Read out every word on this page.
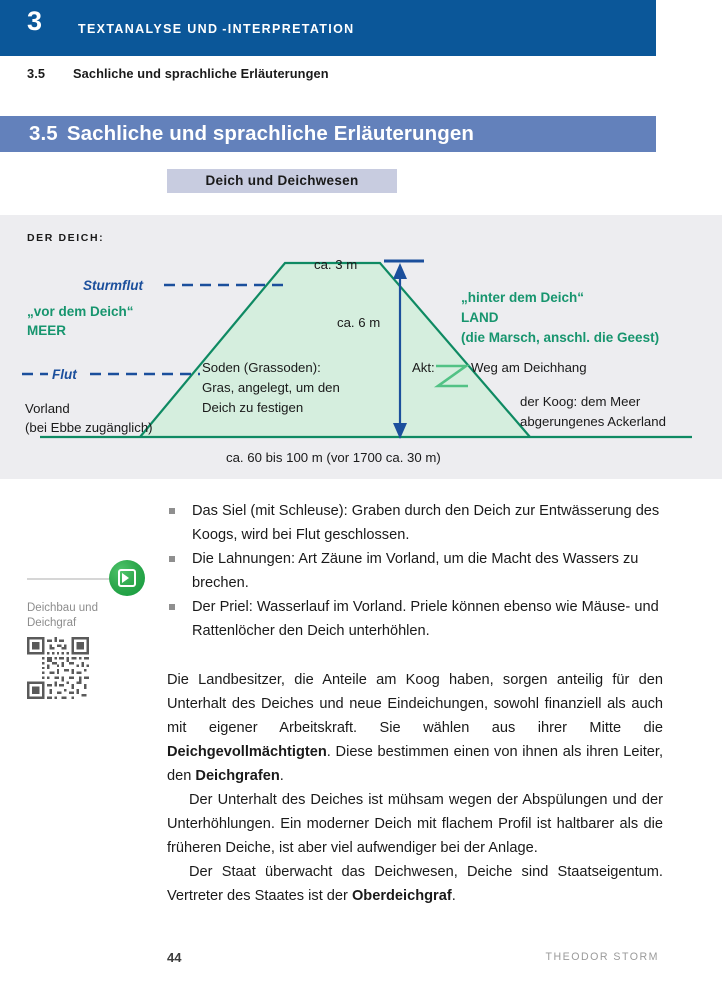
3	TEXTANALYSE UND -INTERPRETATION
3.5 Sachliche und sprachliche Erläuterungen
3.5 Sachliche und sprachliche Erläuterungen
Deich und Deichwesen
DER DEICH:
ca. 3 m
ca. 6 m
ca. 60 bis 100 m (vor 1700 ca. 30 m)
Sturmflut
Flut
„vor dem Deich“
MEER
Vorland
(bei Ebbe zugänglich)
Soden (Grassoden):
Gras, angelegt, um den
Deich zu festigen
Akt:
„hinter dem Deich“
LAND
(die Marsch, anschl. die Geest)
Weg am Deichhang
der Koog: dem Meer
abgerungenes Ackerland
Deichbau und
Deichgraf
Das Siel (mit Schleuse): Graben durch den Deich zur Entwässerung des Koogs, wird bei Flut geschlossen.
Die Lahnungen: Art Zäune im Vorland, um die Macht des Wassers zu brechen.
Der Priel: Wasserlauf im Vorland. Priele können ebenso wie Mäuse- und Rattenlöcher den Deich unterhöhlen.

Die Landbesitzer, die Anteile am Koog haben, sorgen anteilig für den Unterhalt des Deiches und neue Eindeichungen, sowohl finanziell als auch mit eigener Arbeitskraft. Sie wählen aus ihrer Mitte die Deichgevollmächtigten. Diese bestimmen einen von ihnen als ihren Leiter, den Deichgrafen.

Der Unterhalt des Deiches ist mühsam wegen der Abspülungen und der Unterhöhlungen. Ein moderner Deich mit flachem Profil ist haltbarer als die früheren Deiche, ist aber viel aufwendiger bei der Anlage.

Der Staat überwacht das Deichwesen, Deiche sind Staatseigentum. Vertreter des Staates ist der Oberdeichgraf.

44	THEODOR STORM
